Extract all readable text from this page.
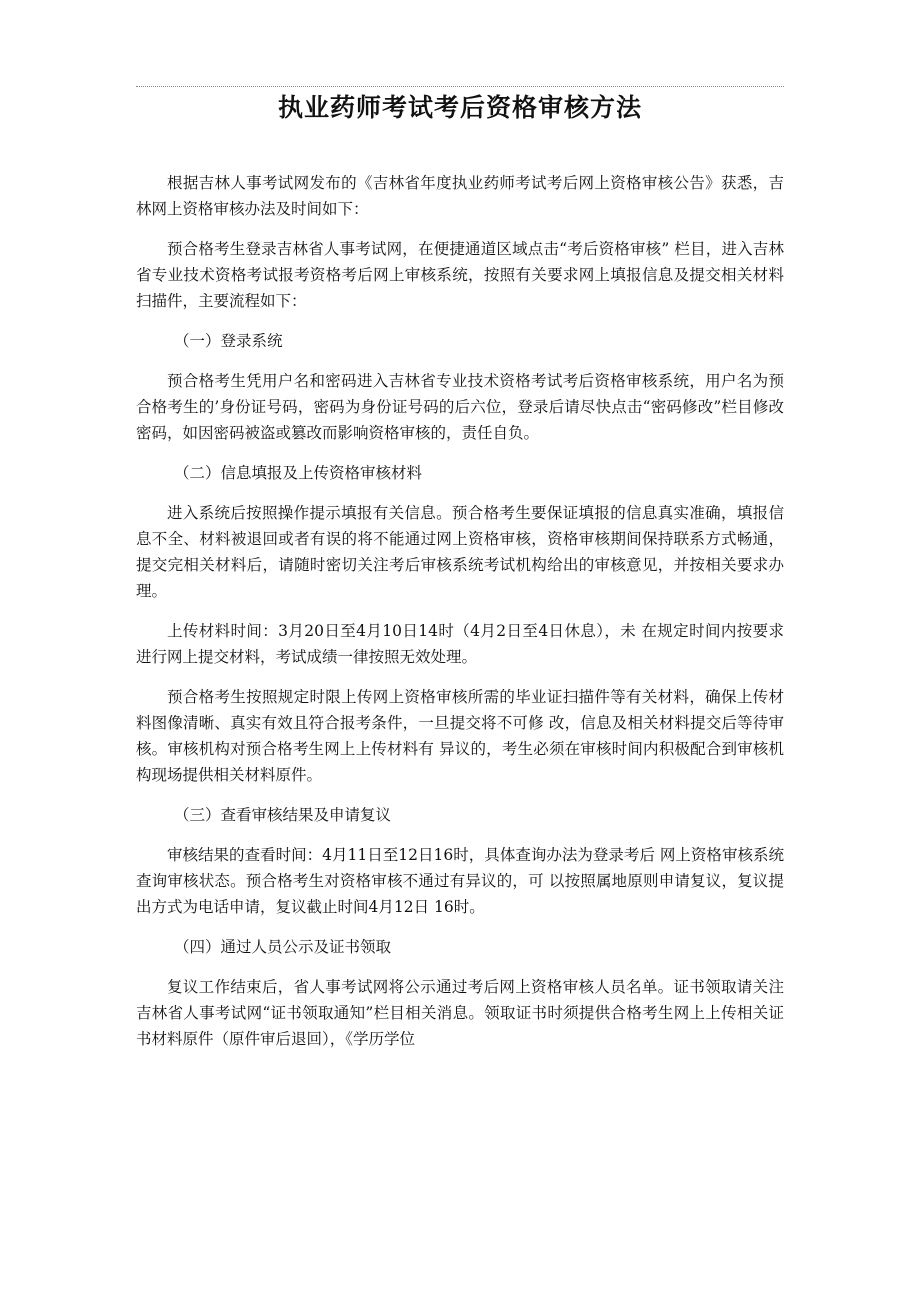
执业药师考试考后资格审核方法

根据吉林人事考试网发布的《吉林省年度执业药师考试考后网上资格审核公告》获悉，吉林网上资格审核办法及时间如下：

预合格考生登录吉林省人事考试网，在便捷通道区域点击“考后资格审核” 栏目，进入吉林省专业技术资格考试报考资格考后网上审核系统，按照有关要求网上填报信息及提交相关材料扫描件，主要流程如下：

（一）登录系统

预合格考生凭用户名和密码进入吉林省专业技术资格考试考后资格审核系统，用户名为预合格考生的’身份证号码，密码为身份证号码的后六位，登录后请尽快点击“密码修改”栏目修改密码，如因密码被盗或篡改而影响资格审核的，责任自负。

（二）信息填报及上传资格审核材料

进入系统后按照操作提示填报有关信息。预合格考生要保证填报的信息真实准确，填报信息不全、材料被退回或者有误的将不能通过网上资格审核，资格审核期间保持联系方式畅通，提交完相关材料后，请随时密切关注考后审核系统考试机构给出的审核意见，并按相关要求办理。

上传材料时间：3月20日至4月10日14时（4月2日至4日休息），未 在规定时间内按要求进行网上提交材料，考试成绩一律按照无效处理。

预合格考生按照规定时限上传网上资格审核所需的毕业证扫描件等有关材料，确保上传材料图像清晰、真实有效且符合报考条件，一旦提交将不可修 改，信息及相关材料提交后等待审核。审核机构对预合格考生网上上传材料有 异议的，考生必须在审核时间内积极配合到审核机构现场提供相关材料原件。

（三）查看审核结果及申请复议

审核结果的查看时间：4月11日至12日16时，具体查询办法为登录考后 网上资格审核系统查询审核状态。预合格考生对资格审核不通过有异议的，可 以按照属地原则申请复议，复议提出方式为电话申请，复议截止时间4月12日 16时。

（四）通过人员公示及证书领取

复议工作结束后，省人事考试网将公示通过考后网上资格审核人员名单。证书领取请关注吉林省人事考试网“证书领取通知”栏目相关消息。领取证书时须提供合格考生网上上传相关证书材料原件（原件审后退回），《学历学位
